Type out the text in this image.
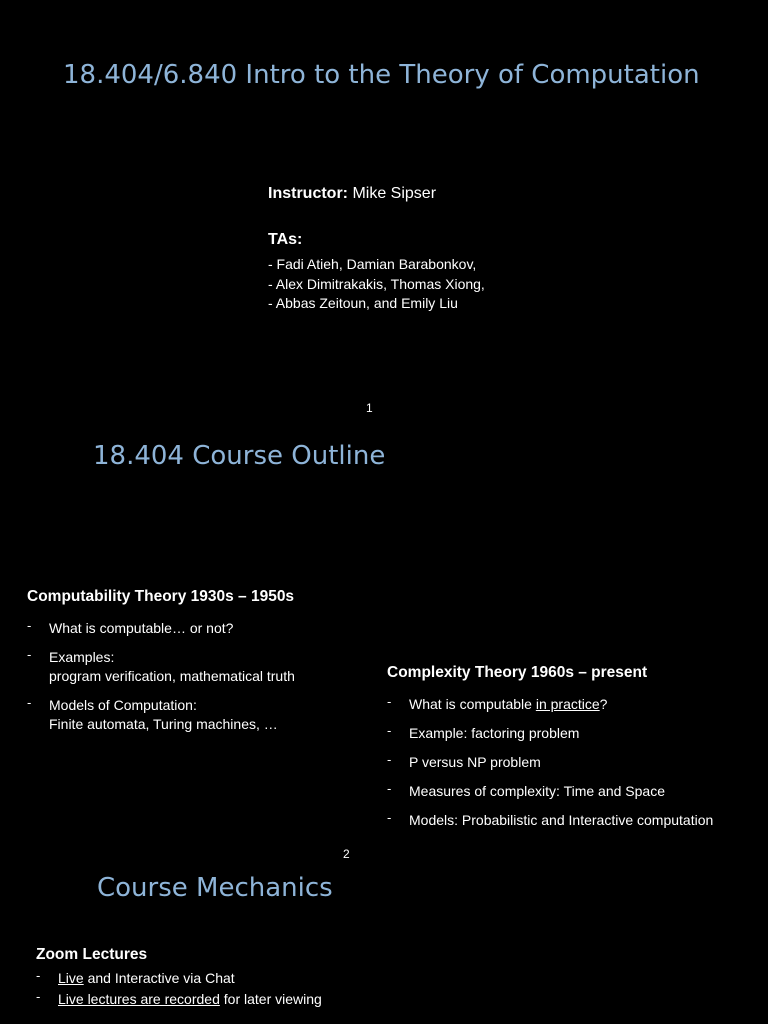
18.404/6.840 Intro to the Theory of Computation
Instructor: Mike Sipser
TAs:
- Fadi Atieh, Damian Barabonkov,
- Alex Dimitrakakis, Thomas Xiong,
- Abbas Zeitoun, and Emily Liu
1
18.404 Course Outline
Computability Theory 1930s – 1950s
- What is computable… or not?
- Examples:
program verification, mathematical truth
- Models of Computation:
Finite automata, Turing machines, …
Complexity Theory 1960s – present
- What is computable in practice?
- Example: factoring problem
- P versus NP problem
- Measures of complexity: Time and Space
- Models: Probabilistic and Interactive computation
2
Course Mechanics
Zoom Lectures
- Live and Interactive via Chat
- Live lectures are recorded for later viewing
